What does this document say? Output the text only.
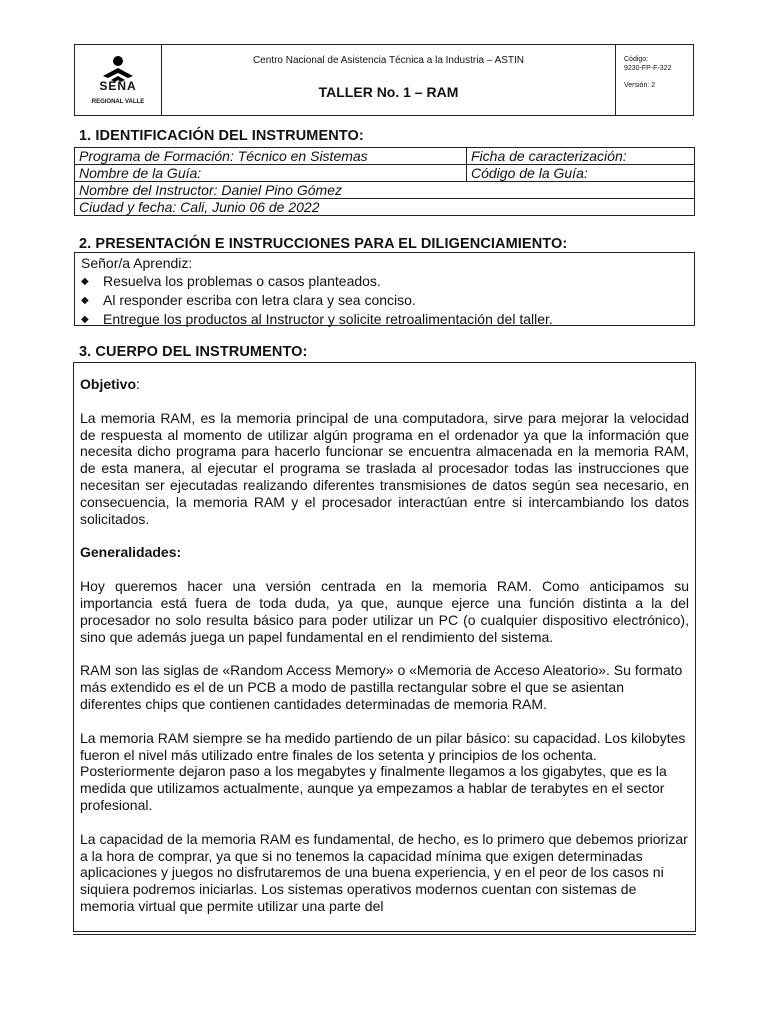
SENA
REGIONAL VALLE
Centro Nacional de Asistencia Técnica a la Industria – ASTIN
TALLER No. 1 – RAM
Código:
9230-FP-F-322
Versión: 2
1. IDENTIFICACIÓN DEL INSTRUMENTO:
Programa de Formación: Técnico en Sistemas	Ficha de caracterización:
Nombre de la Guía:	Código de la Guía:
Nombre del Instructor: Daniel Pino Gómez	
Ciudad y fecha: Cali, Junio 06 de 2022	
2. PRESENTACIÓN E INSTRUCCIONES PARA EL DILIGENCIAMIENTO:
Señor/a Aprendiz:
◆	Resuelva los problemas o casos planteados.
◆	Al responder escriba con letra clara y sea conciso.
◆	Entregue los productos al Instructor y solicite retroalimentación del taller.
3. CUERPO DEL INSTRUMENTO:

Objetivo:

La memoria RAM, es la memoria principal de una computadora, sirve para mejorar la velocidad de respuesta al momento de utilizar algún programa en el ordenador ya que la información que necesita dicho programa para hacerlo funcionar se encuentra almacenada en la memoria RAM, de esta manera, al ejecutar el programa se traslada al procesador todas las instrucciones que necesitan ser ejecutadas realizando diferentes transmisiones de datos según sea necesario, en consecuencia, la memoria RAM y el procesador interactúan entre si intercambiando los datos solicitados.

Generalidades:

Hoy queremos hacer una versión centrada en la memoria RAM. Como anticipamos su importancia está fuera de toda duda, ya que, aunque ejerce una función distinta a la del procesador no solo resulta básico para poder utilizar un PC (o cualquier dispositivo electrónico), sino que además juega un papel fundamental en el rendimiento del sistema.

RAM son las siglas de «Random Access Memory» o «Memoria de Acceso Aleatorio». Su formato más extendido es el de un PCB a modo de pastilla rectangular sobre el que se asientan diferentes chips que contienen cantidades determinadas de memoria RAM.

La memoria RAM siempre se ha medido partiendo de un pilar básico: su capacidad. Los kilobytes fueron el nivel más utilizado entre finales de los setenta y principios de los ochenta. Posteriormente dejaron paso a los megabytes y finalmente llegamos a los gigabytes, que es la medida que utilizamos actualmente, aunque ya empezamos a hablar de terabytes en el sector profesional.

La capacidad de la memoria RAM es fundamental, de hecho, es lo primero que debemos priorizar a la hora de comprar, ya que si no tenemos la capacidad mínima que exigen determinadas aplicaciones y juegos no disfrutaremos de una buena experiencia, y en el peor de los casos ni siquiera podremos iniciarlas. Los sistemas operativos modernos cuentan con sistemas de memoria virtual que permite utilizar una parte del
